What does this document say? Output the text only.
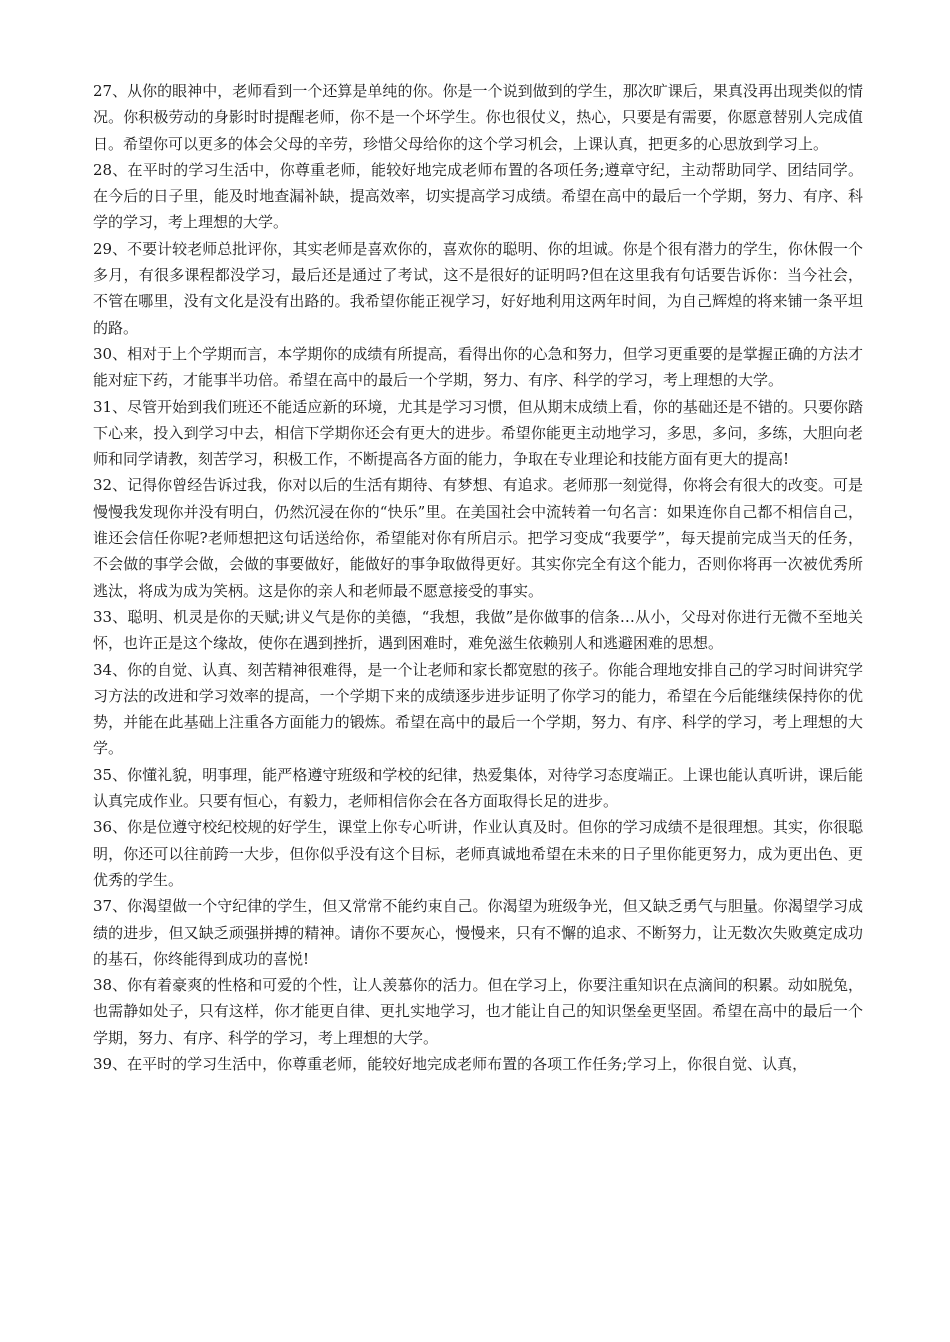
27、从你的眼神中，老师看到一个还算是单纯的你。你是一个说到做到的学生，那次旷课后，果真没再出现类似的情况。你积极劳动的身影时时提醒老师，你不是一个坏学生。你也很仗义，热心，只要是有需要，你愿意替别人完成值日。希望你可以更多的体会父母的辛劳，珍惜父母给你的这个学习机会，上课认真，把更多的心思放到学习上。

28、在平时的学习生活中，你尊重老师，能较好地完成老师布置的各项任务;遵章守纪，主动帮助同学、团结同学。在今后的日子里，能及时地查漏补缺，提高效率，切实提高学习成绩。希望在高中的最后一个学期，努力、有序、科学的学习，考上理想的大学。

29、不要计较老师总批评你，其实老师是喜欢你的，喜欢你的聪明、你的坦诚。你是个很有潜力的学生，你休假一个多月，有很多课程都没学习，最后还是通过了考试，这不是很好的证明吗?但在这里我有句话要告诉你：当今社会，不管在哪里，没有文化是没有出路的。我希望你能正视学习，好好地利用这两年时间，为自己辉煌的将来铺一条平坦的路。

30、相对于上个学期而言，本学期你的成绩有所提高，看得出你的心急和努力，但学习更重要的是掌握正确的方法才能对症下药，才能事半功倍。希望在高中的最后一个学期，努力、有序、科学的学习，考上理想的大学。

31、尽管开始到我们班还不能适应新的环境，尤其是学习习惯，但从期末成绩上看，你的基础还是不错的。只要你踏下心来，投入到学习中去，相信下学期你还会有更大的进步。希望你能更主动地学习，多思，多问，多练，大胆向老师和同学请教，刻苦学习，积极工作，不断提高各方面的能力，争取在专业理论和技能方面有更大的提高!

32、记得你曾经告诉过我，你对以后的生活有期待、有梦想、有追求。老师那一刻觉得，你将会有很大的改变。可是慢慢我发现你并没有明白，仍然沉浸在你的“快乐”里。在美国社会中流转着一句名言：如果连你自己都不相信自己，谁还会信任你呢?老师想把这句话送给你，希望能对你有所启示。把学习变成“我要学”，每天提前完成当天的任务，不会做的事学会做，会做的事要做好，能做好的事争取做得更好。其实你完全有这个能力，否则你将再一次被优秀所逃汰，将成为成为笑柄。这是你的亲人和老师最不愿意接受的事实。

33、聪明、机灵是你的天赋;讲义气是你的美德，“我想，我做”是你做事的信条…从小，父母对你进行无微不至地关怀，也许正是这个缘故，使你在遇到挫折，遇到困难时，难免滋生依赖别人和逃避困难的思想。

34、你的自觉、认真、刻苦精神很难得，是一个让老师和家长都宽慰的孩子。你能合理地安排自己的学习时间讲究学习方法的改进和学习效率的提高，一个学期下来的成绩逐步进步证明了你学习的能力，希望在今后能继续保持你的优势，并能在此基础上注重各方面能力的锻炼。希望在高中的最后一个学期，努力、有序、科学的学习，考上理想的大学。

35、你懂礼貌，明事理，能严格遵守班级和学校的纪律，热爱集体，对待学习态度端正。上课也能认真听讲，课后能认真完成作业。只要有恒心，有毅力，老师相信你会在各方面取得长足的进步。

36、你是位遵守校纪校规的好学生，课堂上你专心听讲，作业认真及时。但你的学习成绩不是很理想。其实，你很聪明，你还可以往前跨一大步，但你似乎没有这个目标，老师真诚地希望在未来的日子里你能更努力，成为更出色、更优秀的学生。

37、你渴望做一个守纪律的学生，但又常常不能约束自己。你渴望为班级争光，但又缺乏勇气与胆量。你渴望学习成绩的进步，但又缺乏顽强拼搏的精神。请你不要灰心，慢慢来，只有不懈的追求、不断努力，让无数次失败奠定成功的基石，你终能得到成功的喜悦!

38、你有着豪爽的性格和可爱的个性，让人羡慕你的活力。但在学习上，你要注重知识在点滴间的积累。动如脱兔，也需静如处子，只有这样，你才能更自律、更扎实地学习，也才能让自己的知识堡垒更坚固。希望在高中的最后一个学期，努力、有序、科学的学习，考上理想的大学。

39、在平时的学习生活中，你尊重老师，能较好地完成老师布置的各项工作任务;学习上，你很自觉、认真，
